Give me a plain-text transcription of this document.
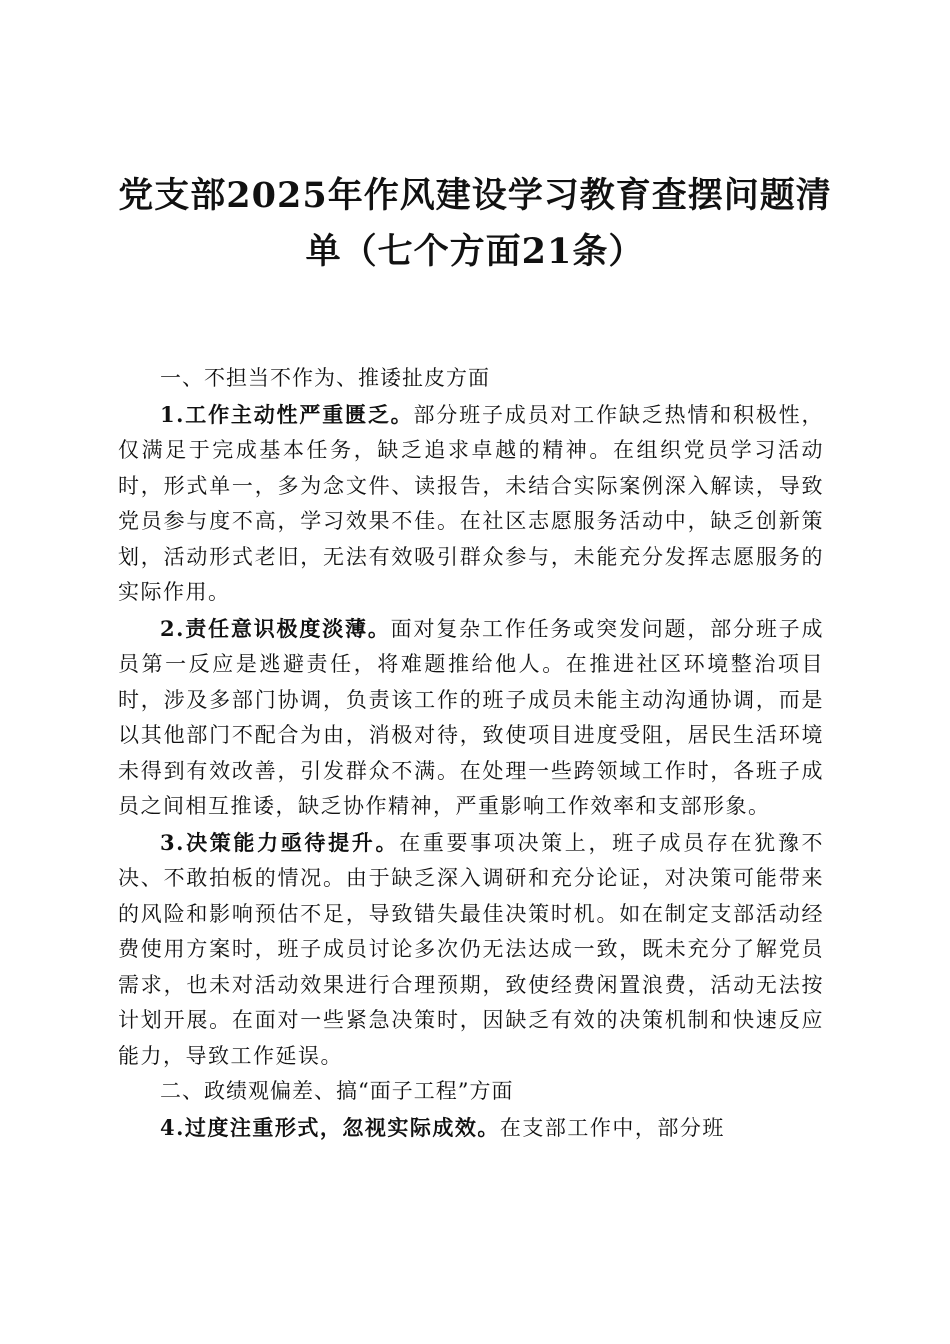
党支部2025年作风建设学习教育查摆问题清
单（七个方面21条）

一、不担当不作为、推诿扯皮方面

1.工作主动性严重匮乏。部分班子成员对工作缺乏热情和积极性，仅满足于完成基本任务，缺乏追求卓越的精神。在组织党员学习活动时，形式单一，多为念文件、读报告，未结合实际案例深入解读，导致党员参与度不高，学习效果不佳。在社区志愿服务活动中，缺乏创新策划，活动形式老旧，无法有效吸引群众参与，未能充分发挥志愿服务的实际作用。

2.责任意识极度淡薄。面对复杂工作任务或突发问题，部分班子成员第一反应是逃避责任，将难题推给他人。在推进社区环境整治项目时，涉及多部门协调，负责该工作的班子成员未能主动沟通协调，而是以其他部门不配合为由，消极对待，致使项目进度受阻，居民生活环境未得到有效改善，引发群众不满。在处理一些跨领域工作时，各班子成员之间相互推诿，缺乏协作精神，严重影响工作效率和支部形象。

3.决策能力亟待提升。在重要事项决策上，班子成员存在犹豫不决、不敢拍板的情况。由于缺乏深入调研和充分论证，对决策可能带来的风险和影响预估不足，导致错失最佳决策时机。如在制定支部活动经费使用方案时，班子成员讨论多次仍无法达成一致，既未充分了解党员需求，也未对活动效果进行合理预期，致使经费闲置浪费，活动无法按计划开展。在面对一些紧急决策时，因缺乏有效的决策机制和快速反应能力，导致工作延误。

二、政绩观偏差、搞“面子工程”方面

4.过度注重形式，忽视实际成效。在支部工作中，部分班
